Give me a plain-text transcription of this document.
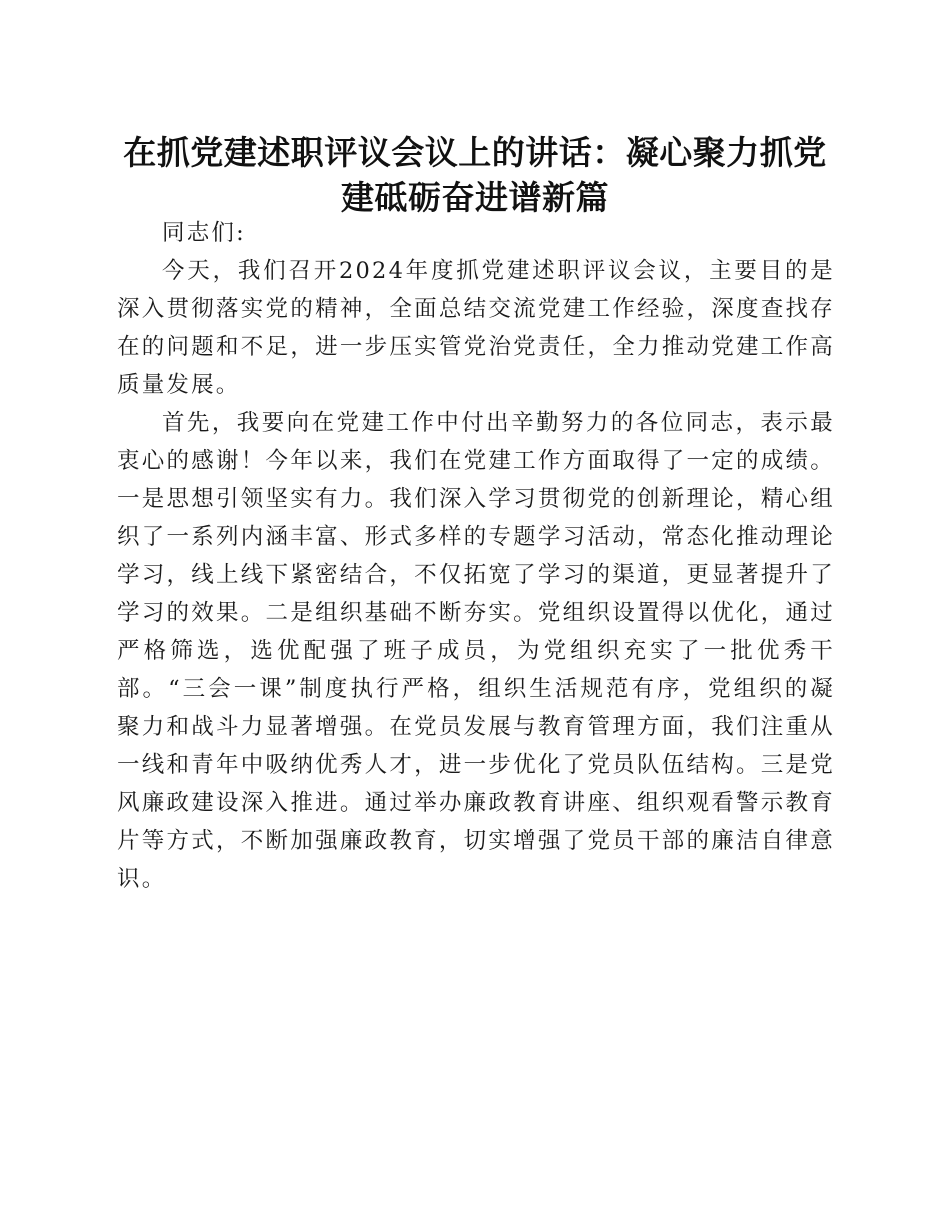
在抓党建述职评议会议上的讲话：凝心聚力抓党建砥砺奋进谱新篇

同志们:

今天，我们召开2024年度抓党建述职评议会议，主要目的是深入贯彻落实党的精神，全面总结交流党建工作经验，深度查找存在的问题和不足，进一步压实管党治党责任，全力推动党建工作高质量发展。

首先，我要向在党建工作中付出辛勤努力的各位同志，表示最衷心的感谢！今年以来，我们在党建工作方面取得了一定的成绩。一是思想引领坚实有力。我们深入学习贯彻党的创新理论，精心组织了一系列内涵丰富、形式多样的专题学习活动，常态化推动理论学习，线上线下紧密结合，不仅拓宽了学习的渠道，更显著提升了学习的效果。二是组织基础不断夯实。党组织设置得以优化，通过严格筛选，选优配强了班子成员，为党组织充实了一批优秀干部。“三会一课”制度执行严格，组织生活规范有序，党组织的凝聚力和战斗力显著增强。在党员发展与教育管理方面，我们注重从一线和青年中吸纳优秀人才，进一步优化了党员队伍结构。三是党风廉政建设深入推进。通过举办廉政教育讲座、组织观看警示教育片等方式，不断加强廉政教育，切实增强了党员干部的廉洁自律意识。
